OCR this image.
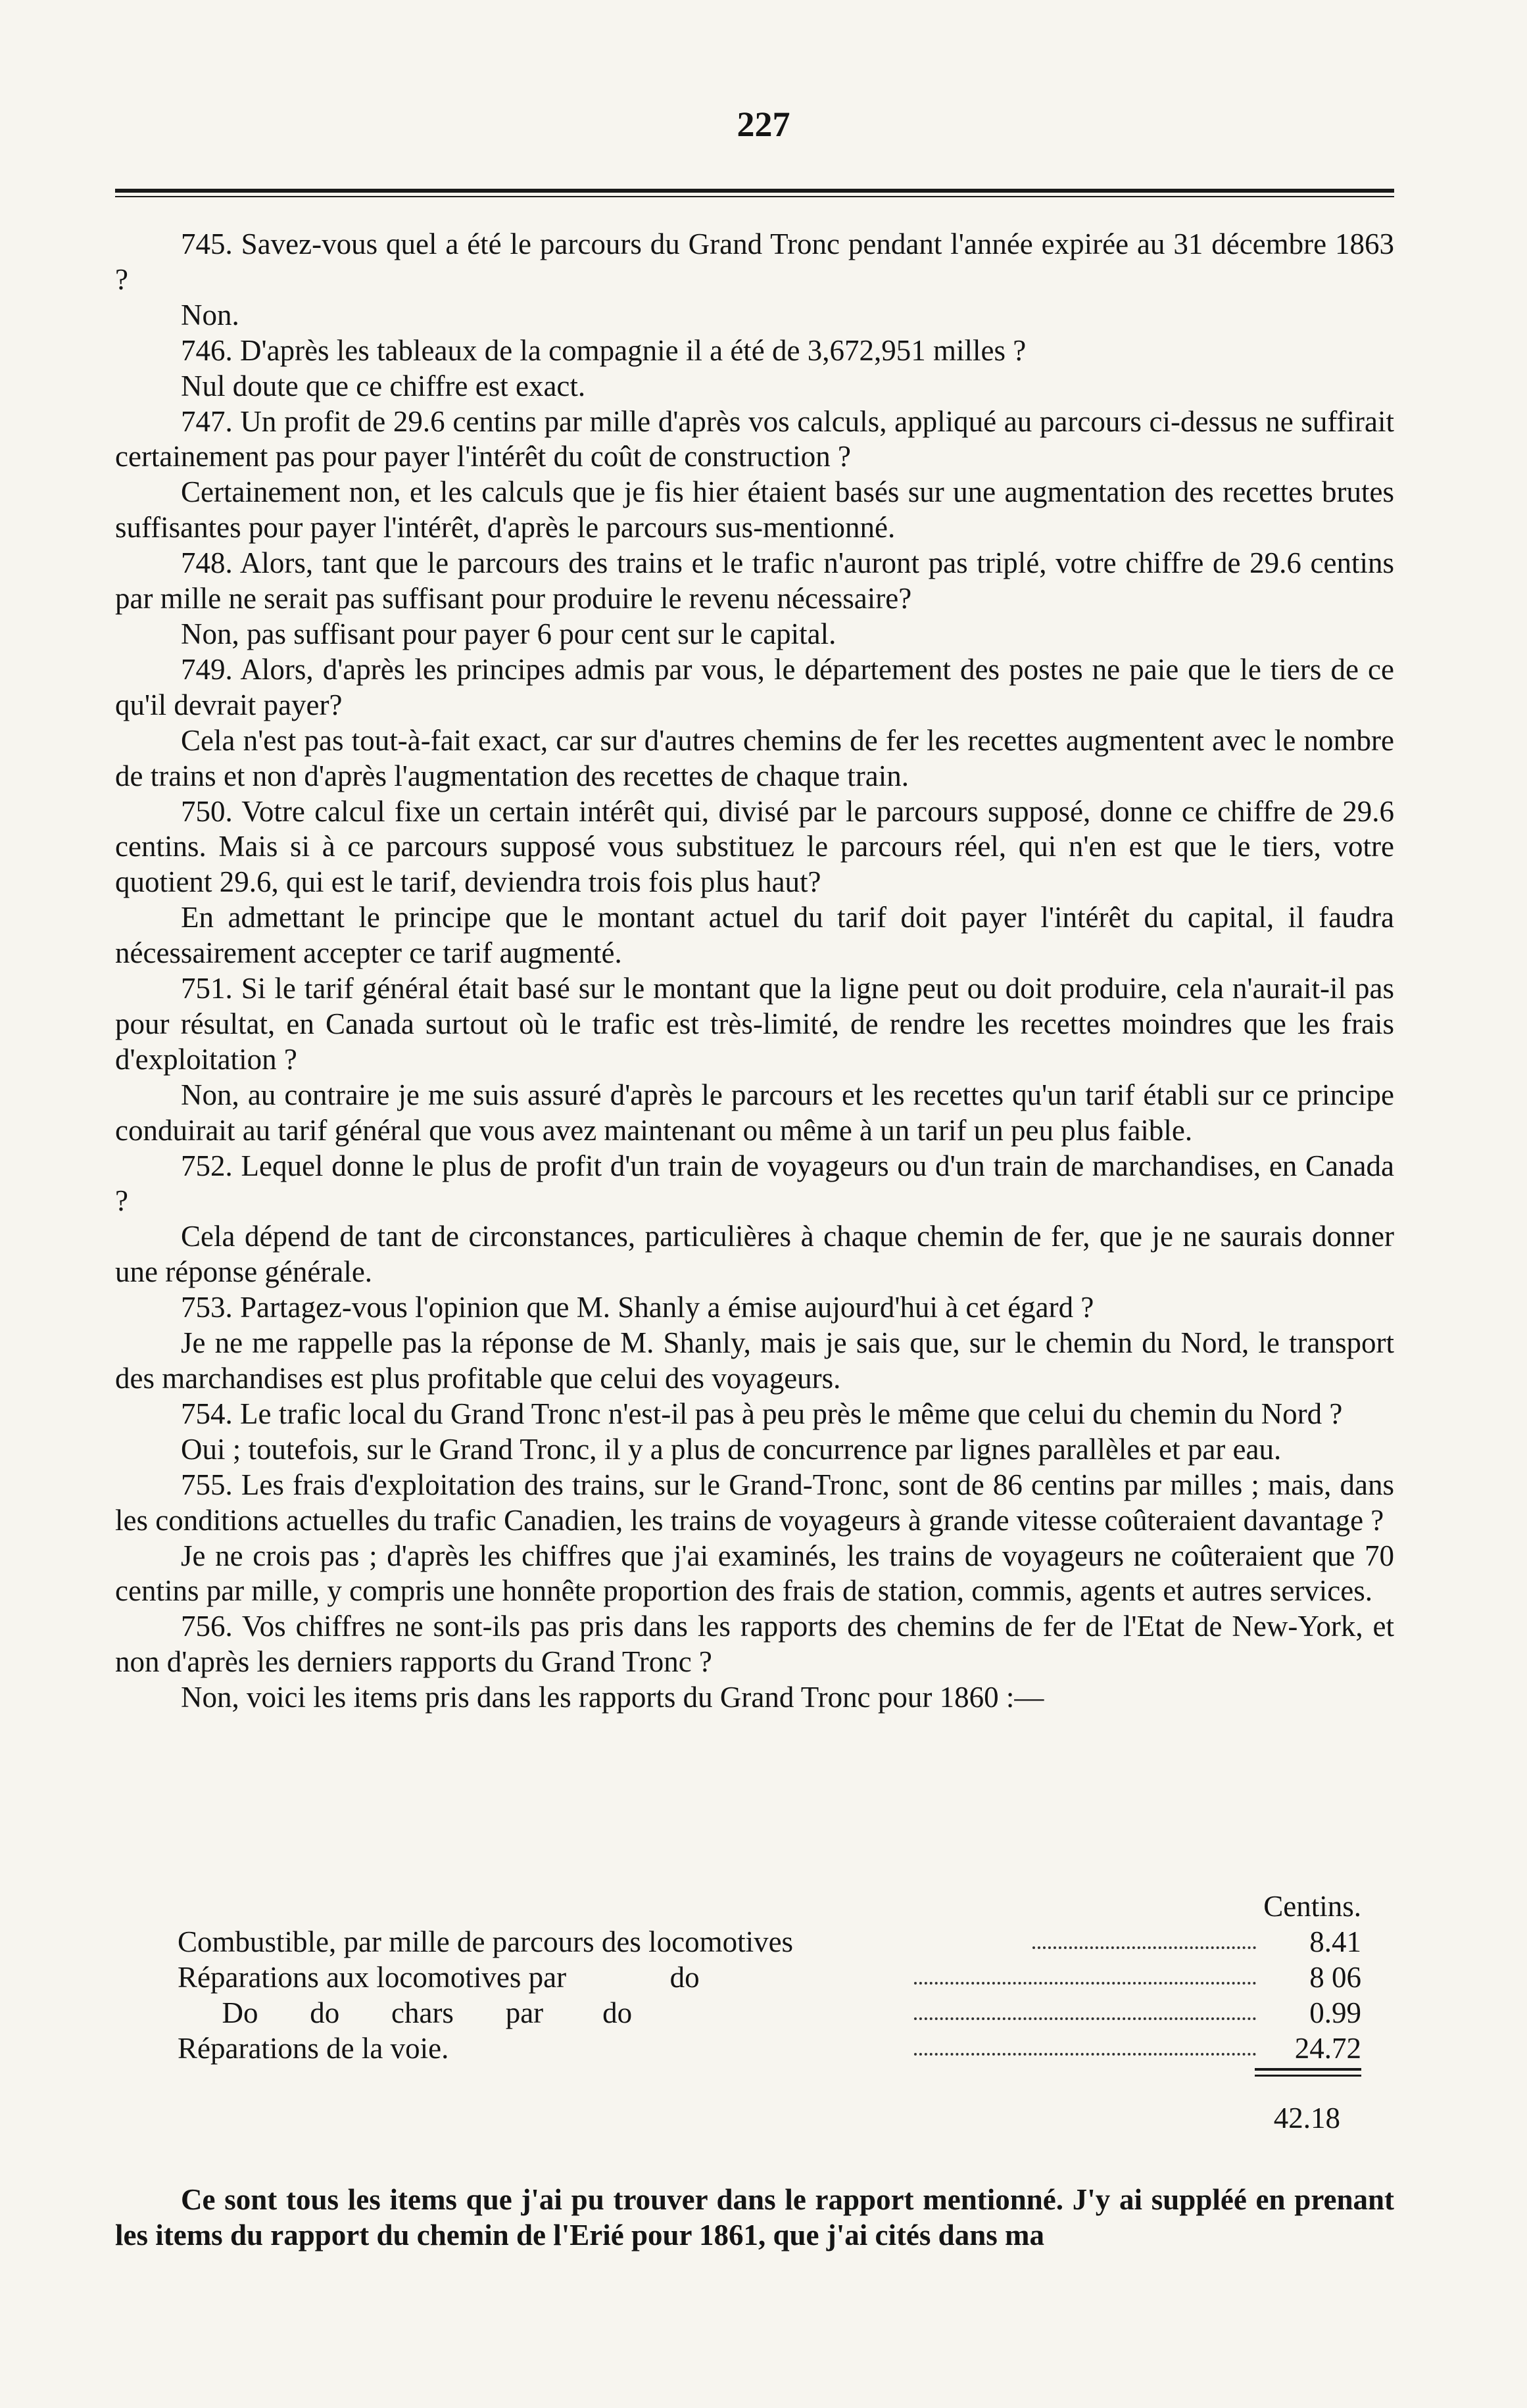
227

745. Savez-vous quel a été le parcours du Grand Tronc pendant l'année expirée au 31 décembre 1863 ?

Non.

746. D'après les tableaux de la compagnie il a été de 3,672,951 milles ?

Nul doute que ce chiffre est exact.

747. Un profit de 29.6 centins par mille d'après vos calculs, appliqué au parcours ci-dessus ne suffirait certainement pas pour payer l'intérêt du coût de construction ?

Certainement non, et les calculs que je fis hier étaient basés sur une augmentation des recettes brutes suffisantes pour payer l'intérêt, d'après le parcours sus-mentionné.

748. Alors, tant que le parcours des trains et le trafic n'auront pas triplé, votre chiffre de 29.6 centins par mille ne serait pas suffisant pour produire le revenu nécessaire?

Non, pas suffisant pour payer 6 pour cent sur le capital.

749. Alors, d'après les principes admis par vous, le département des postes ne paie que le tiers de ce qu'il devrait payer?

Cela n'est pas tout-à-fait exact, car sur d'autres chemins de fer les recettes augmentent avec le nombre de trains et non d'après l'augmentation des recettes de chaque train.

750. Votre calcul fixe un certain intérêt qui, divisé par le parcours supposé, donne ce chiffre de 29.6 centins. Mais si à ce parcours supposé vous substituez le parcours réel, qui n'en est que le tiers, votre quotient 29.6, qui est le tarif, deviendra trois fois plus haut?

En admettant le principe que le montant actuel du tarif doit payer l'intérêt du capital, il faudra nécessairement accepter ce tarif augmenté.

751. Si le tarif général était basé sur le montant que la ligne peut ou doit produire, cela n'aurait-il pas pour résultat, en Canada surtout où le trafic est très-limité, de rendre les recettes moindres que les frais d'exploitation ?

Non, au contraire je me suis assuré d'après le parcours et les recettes qu'un tarif établi sur ce principe conduirait au tarif général que vous avez maintenant ou même à un tarif un peu plus faible.

752. Lequel donne le plus de profit d'un train de voyageurs ou d'un train de marchandises, en Canada ?

Cela dépend de tant de circonstances, particulières à chaque chemin de fer, que je ne saurais donner une réponse générale.

753. Partagez-vous l'opinion que M. Shanly a émise aujourd'hui à cet égard ?

Je ne me rappelle pas la réponse de M. Shanly, mais je sais que, sur le chemin du Nord, le transport des marchandises est plus profitable que celui des voyageurs.

754. Le trafic local du Grand Tronc n'est-il pas à peu près le même que celui du chemin du Nord ?

Oui ; toutefois, sur le Grand Tronc, il y a plus de concurrence par lignes parallèles et par eau.

755. Les frais d'exploitation des trains, sur le Grand-Tronc, sont de 86 centins par milles ; mais, dans les conditions actuelles du trafic Canadien, les trains de voyageurs à grande vitesse coûteraient davantage ?

Je ne crois pas ; d'après les chiffres que j'ai examinés, les trains de voyageurs ne coûteraient que 70 centins par mille, y compris une honnête proportion des frais de station, commis, agents et autres services.

756. Vos chiffres ne sont-ils pas pris dans les rapports des chemins de fer de l'Etat de New-York, et non d'après les derniers rapports du Grand Tronc ?

Non, voici les items pris dans les rapports du Grand Tronc pour 1860 :—

Centins.
Combustible, par mille de parcours des locomotives	8.41
Réparations aux locomotives par              do	8 06
Do       do       chars       par        do	0.99
Réparations de la voie.	24.72
42.18

Ce sont tous les items que j'ai pu trouver dans le rapport mentionné. J'y ai suppléé en prenant les items du rapport du chemin de l'Erié pour 1861, que j'ai cités dans ma
